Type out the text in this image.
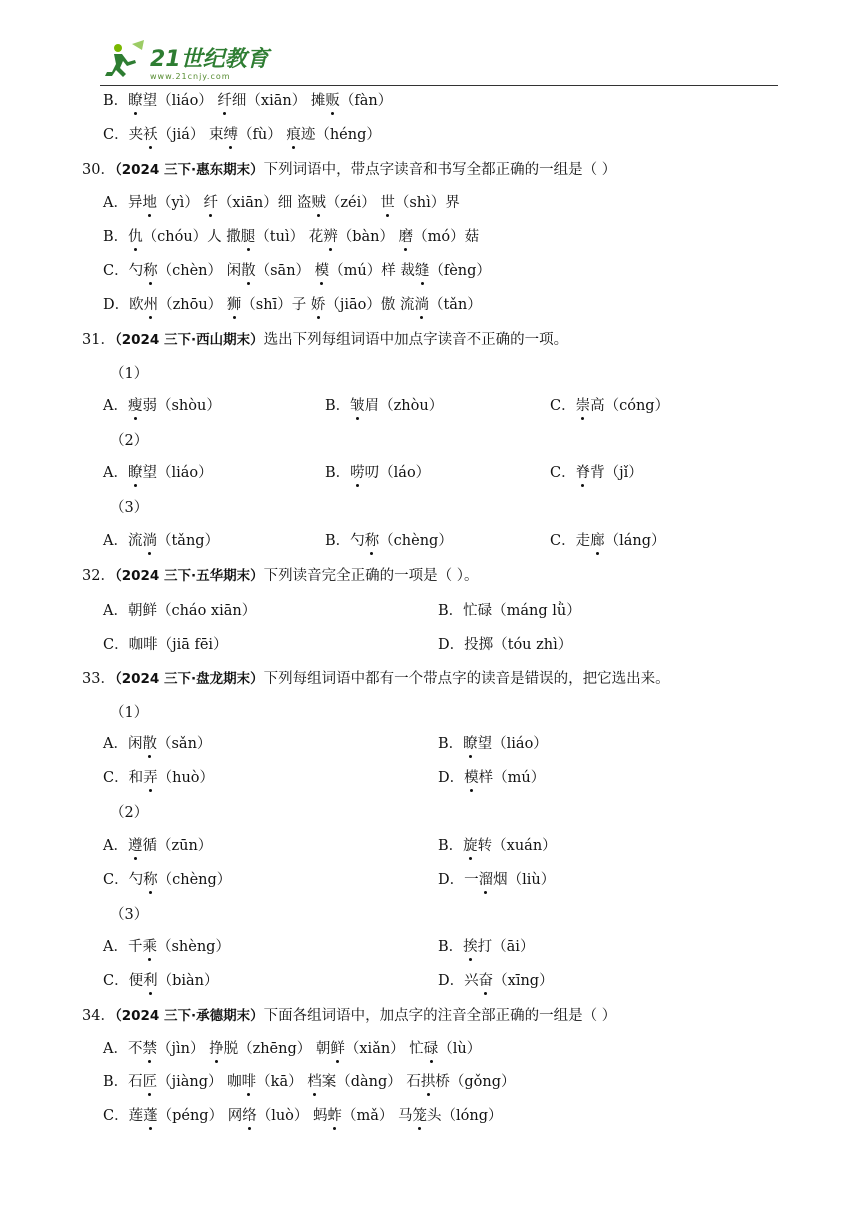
21世纪教育
www.21cnjy.com
B．瞭望（liáo） 纤细（xiān） 摊贩（fàn）
C．夹袄（jiá） 束缚（fù） 痕迹（héng）
30．（2024 三下·惠东期末）下列词语中，带点字读音和书写全都正确的一组是（ ）
A．异地（yì） 纤（xiān）细 盗贼（zéi） 世（shì）界
B．仇（chóu）人 撒腿（tuì） 花辨（bàn） 磨（mó）菇
C．勺称（chèn） 闲散（sān） 模（mú）样 裁缝（fèng）
D．欧州（zhōu） 狮（shī）子 娇（jiāo）傲 流淌（tǎn）
31．（2024 三下·西山期末）选出下列每组词语中加点字读音不正确的一项。
（1）
A．瘦弱（shòu）	B．皱眉（zhòu）	C．崇高（cóng）
（2）
A．瞭望（liáo）	B．唠叨（láo）	C．脊背（jǐ）
（3）
A．流淌（tǎng）	B．勺称（chèng）	C．走廊（láng）
32．（2024 三下·五华期末）下列读音完全正确的一项是（ ）。
A．朝鲜（cháo xiān）	B．忙碌（máng lǜ）
C．咖啡（jiā fēi）	D．投掷（tóu zhì）
33．（2024 三下·盘龙期末）下列每组词语中都有一个带点字的读音是错误的，把它选出来。
（1）
A．闲散（sǎn）	B．瞭望（liáo）
C．和弄（huò）	D．模样（mú）
（2）
A．遵循（zūn）	B．旋转（xuán）
C．勺称（chèng）	D．一溜烟（liù）
（3）
A．千乘（shèng）	B．挨打（āi）
C．便利（biàn）	D．兴奋（xīng）
34．（2024 三下·承德期末）下面各组词语中，加点字的注音全部正确的一组是（ ）
A．不禁（jìn） 挣脱（zhēng） 朝鲜（xiǎn） 忙碌（lù）
B．石匠（jiàng） 咖啡（kā） 档案（dàng） 石拱桥（gǒng）
C．莲蓬（péng） 网络（luò） 蚂蚱（mǎ） 马笼头（lóng）
